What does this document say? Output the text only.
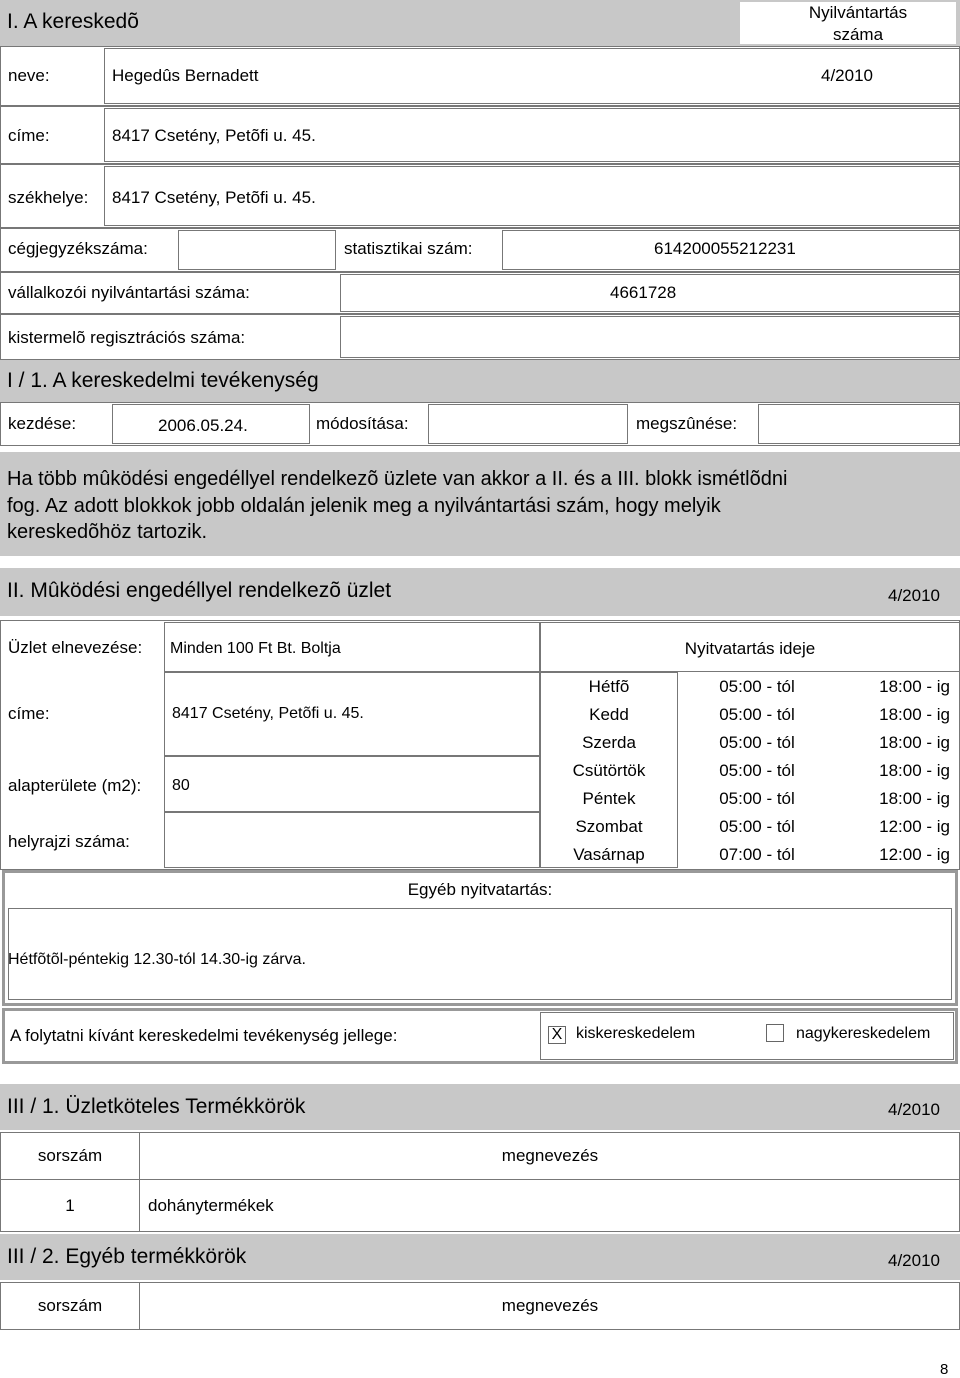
I. A kereskedõ	Nyilvántartás
száma
neve:	Hegedûs Bernadett	4/2010
címe:	8417 Csetény, Petõfi u. 45.
székhelye: 8417 Csetény, Petõfi u. 45.
cégjegyzékszáma:	statisztikai szám:	614200055212231
vállalkozói nyilvántartási száma:	4661728
kistermelõ regisztrációs száma:
I / 1. A kereskedelmi tevékenység
kezdése:	2006.05.24.	módosítása:	megszûnése:
Ha több mûködési engedéllyel rendelkezõ üzlete van akkor a II. és a III. blokk ismétlõdni
fog. Az adott blokkok jobb oldalán jelenik meg a nyilvántartási szám, hogy melyik
kereskedõhöz tartozik.
II. Mûködési engedéllyel rendelkezõ üzlet	4/2010
Üzlet elnevezése: Minden 100 Ft Bt. Boltja
címe:	8417 Csetény, Petõfi u. 45.
alapterülete (m2): 80
helyrajzi száma:
Nyitvatartás ideje
Hétfõ	05:00 - tól	18:00 - ig
Kedd	05:00 - tól	18:00 - ig
Szerda	05:00 - tól	18:00 - ig
Csütörtök	05:00 - tól	18:00 - ig
Péntek	05:00 - tól	18:00 - ig
Szombat	05:00 - tól	12:00 - ig
Vasárnap	07:00 - tól	12:00 - ig
Egyéb nyitvatartás:
Hétfõtõl-péntekig 12.30-tól 14.30-ig zárva.
A folytatni kívánt kereskedelmi tevékenység jellege:	X kiskereskedelem	nagykereskedelem
III / 1. Üzletköteles Termékkörök	4/2010
sorszám	megnevezés
1	dohánytermékek
III / 2. Egyéb termékkörök	4/2010
sorszám	megnevezés
8
